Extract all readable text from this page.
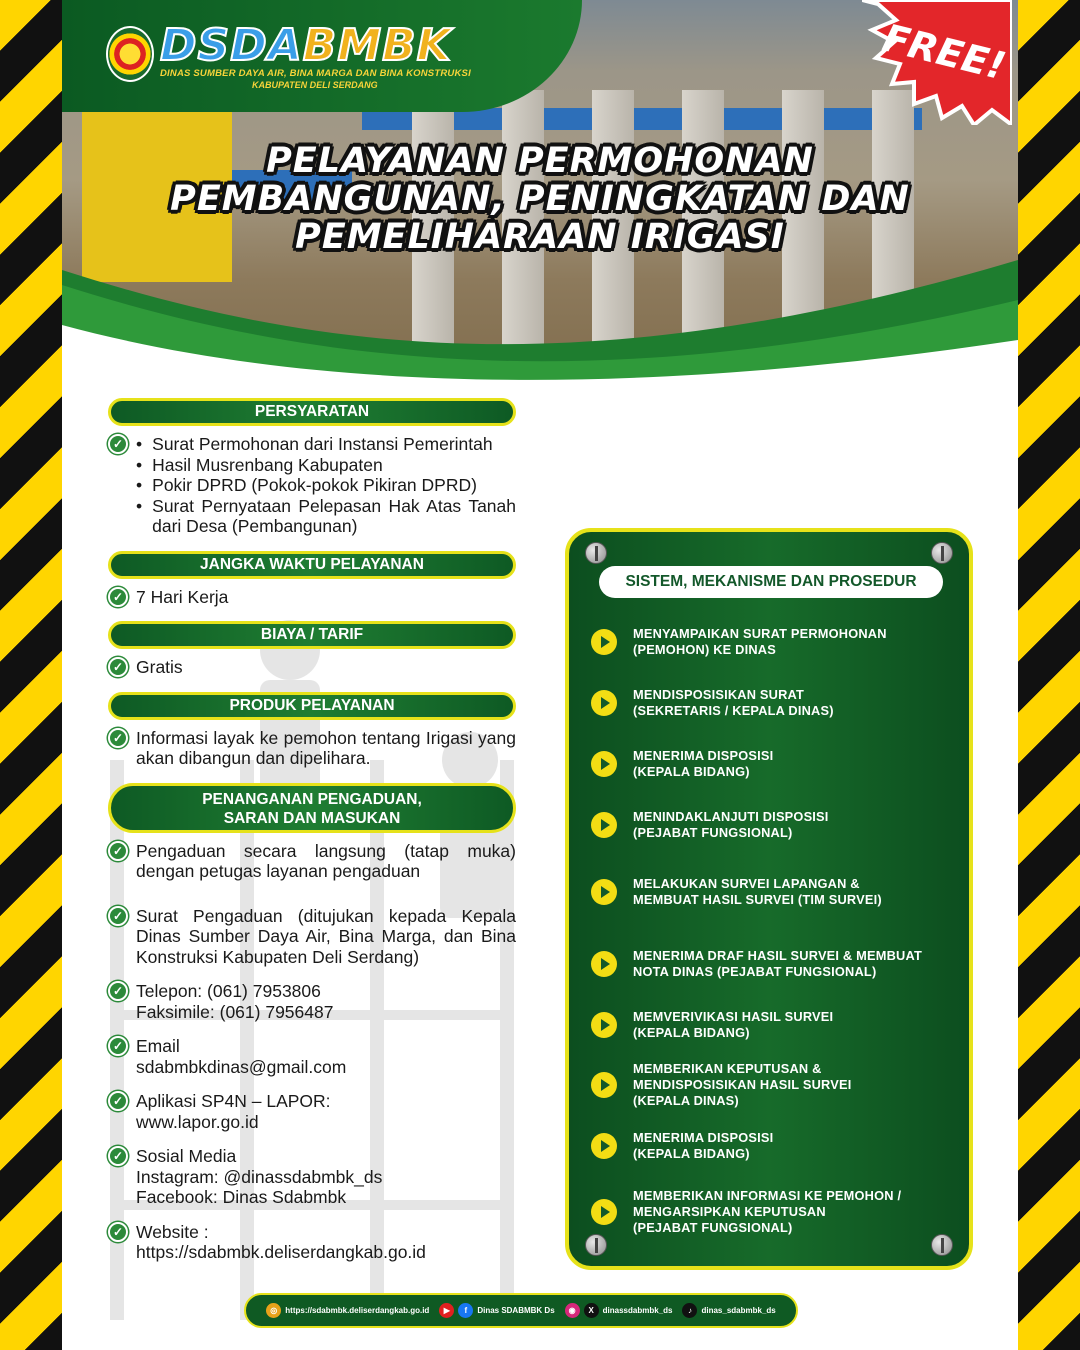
DSDABMBK
DINAS SUMBER DAYA AIR, BINA MARGA DAN BINA KONSTRUKSI
KABUPATEN DELI SERDANG	FREE!
PELAYANAN PERMOHONAN
PEMBANGUNAN, PENINGKATAN DAN
PEMELIHARAAN IRIGASI
PERSYARATAN
✓
• Surat Permohonan dari Instansi Pemerintah
• Hasil Musrenbang Kabupaten
• Pokir DPRD (Pokok-pokok Pikiran DPRD)
• Surat Pernyataan Pelepasan Hak Atas Tanah dari Desa (Pembangunan)
JANGKA WAKTU PELAYANAN
✓ 7 Hari Kerja
BIAYA / TARIF
✓ Gratis
PRODUK PELAYANAN
✓ Informasi layak ke pemohon tentang Irigasi yang akan dibangun dan dipelihara.
PENANGANAN PENGADUAN,
SARAN DAN MASUKAN
✓ Pengaduan secara langsung (tatap muka) dengan petugas layanan pengaduan
✓ Surat Pengaduan (ditujukan kepada Kepala Dinas Sumber Daya Air, Bina Marga, dan Bina Konstruksi Kabupaten Deli Serdang)
✓ Telepon: (061) 7953806
Faksimile: (061) 7956487
✓ Email
sdabmbkdinas@gmail.com
✓ Aplikasi SP4N – LAPOR:
www.lapor.go.id
✓ Sosial Media
Instagram: @dinassdabmbk_ds
Facebook: Dinas Sdabmbk
✓ Website :
https://sdabmbk.deliserdangkab.go.id
SISTEM, MEKANISME DAN PROSEDUR
MENYAMPAIKAN SURAT PERMOHONAN
(PEMOHON) KE DINAS
MENDISPOSISIKAN SURAT
(SEKRETARIS / KEPALA DINAS)
MENERIMA DISPOSISI
(KEPALA BIDANG)
MENINDAKLANJUTI DISPOSISI
(PEJABAT FUNGSIONAL)
MELAKUKAN SURVEI LAPANGAN &
MEMBUAT HASIL SURVEI (TIM SURVEI)
MENERIMA DRAF HASIL SURVEI & MEMBUAT
NOTA DINAS (PEJABAT FUNGSIONAL)
MEMVERIVIKASI HASIL SURVEI
(KEPALA BIDANG)
MEMBERIKAN KEPUTUSAN &
MENDISPOSISIKAN HASIL SURVEI
(KEPALA DINAS)
MENERIMA DISPOSISI
(KEPALA BIDANG)
MEMBERIKAN INFORMASI KE PEMOHON /
MENGARSIPKAN KEPUTUSAN
(PEJABAT FUNGSIONAL)
◎	https://sdabmbk.deliserdangkab.go.id	▶	f	Dinas SDABMBK Ds	◉	X	dinassdabmbk_ds	♪	dinas_sdabmbk_ds
